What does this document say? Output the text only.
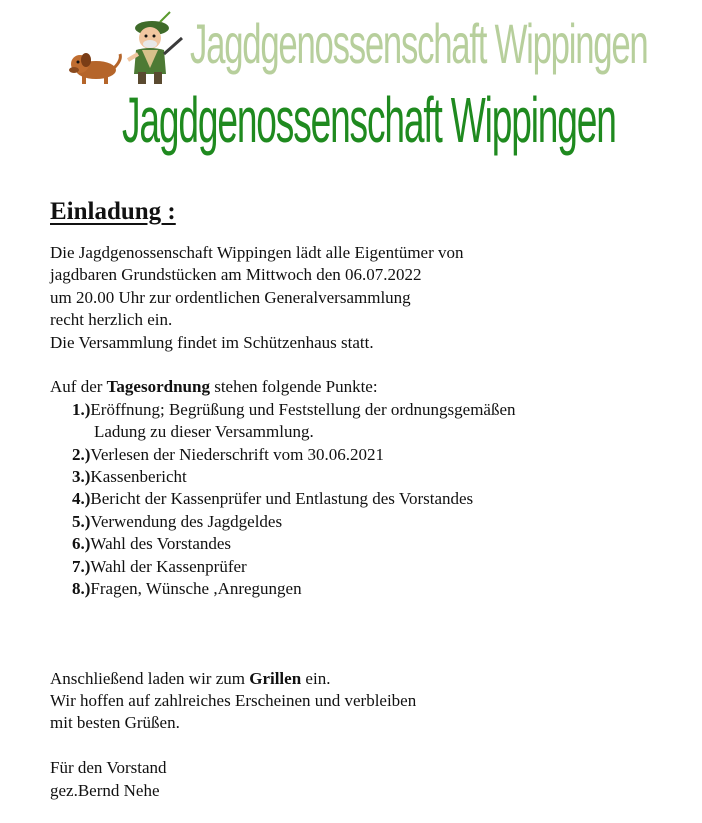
Jagdgenossenschaft Wippingen
Jagdgenossenschaft Wippingen
Einladung :

Die Jagdgenossenschaft Wippingen lädt alle Eigentümer von

jagdbaren Grundstücken am Mittwoch den 06.07.2022

um 20.00 Uhr zur ordentlichen Generalversammlung

recht herzlich ein.

Die Versammlung findet im Schützenhaus statt.

Auf der Tagesordnung stehen folgende Punkte:

1.)Eröffnung; Begrüßung und Feststellung der ordnungsgemäßen
Ladung zu dieser Versammlung.
2.)Verlesen der Niederschrift vom 30.06.2021
3.)Kassenbericht
4.)Bericht der Kassenprüfer und Entlastung des Vorstandes
5.)Verwendung des Jagdgeldes
6.)Wahl des Vorstandes
7.)Wahl der Kassenprüfer
8.)Fragen, Wünsche ,Anregungen

Anschließend laden wir zum Grillen ein.

Wir hoffen auf zahlreiches Erscheinen und verbleiben

mit besten Grüßen.

Für den Vorstand

gez.Bernd Nehe
